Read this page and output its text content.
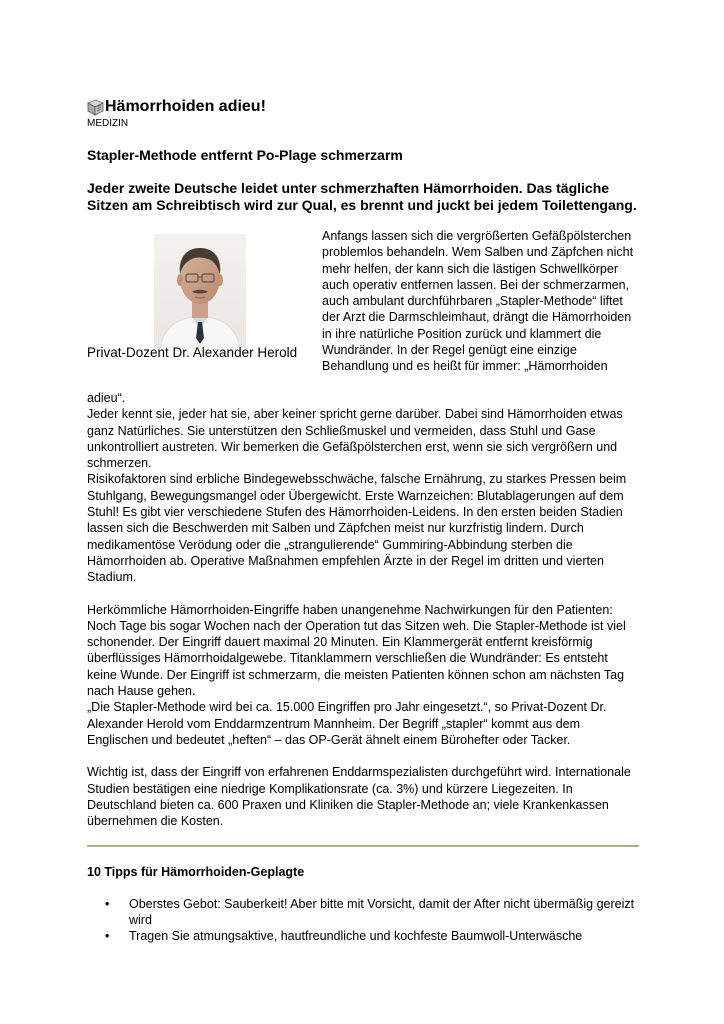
Hämorrhoiden adieu!
MEDIZIN
Stapler-Methode entfernt Po-Plage schmerzarm
Jeder zweite Deutsche leidet unter schmerzhaften Hämorrhoiden. Das tägliche Sitzen am Schreibtisch wird zur Qual, es brennt und juckt bei jedem Toilettengang.
Privat-Dozent Dr. Alexander Herold
Anfangs lassen sich die vergrößerten Gefäßpölsterchen problemlos behandeln. Wem Salben und Zäpfchen nicht mehr helfen, der kann sich die lästigen Schwellkörper auch operativ entfernen lassen. Bei der schmerzarmen, auch ambulant durchführbaren „Stapler-Methode“ liftet der Arzt die Darmschleimhaut, drängt die Hämorrhoiden in ihre natürliche Position zurück und klammert die Wundränder. In der Regel genügt eine einzige Behandlung und es heißt für immer: „Hämorrhoiden
adieu“.

Jeder kennt sie, jeder hat sie, aber keiner spricht gerne darüber. Dabei sind Hämorrhoiden etwas ganz Natürliches. Sie unterstützen den Schließmuskel und vermeiden, dass Stuhl und Gase unkontrolliert austreten. Wir bemerken die Gefäßpölsterchen erst, wenn sie sich vergrößern und schmerzen.

Risikofaktoren sind erbliche Bindegewebsschwäche, falsche Ernährung, zu starkes Pressen beim Stuhlgang, Bewegungsmangel oder Übergewicht. Erste Warnzeichen: Blutablagerungen auf dem Stuhl! Es gibt vier verschiedene Stufen des Hämorrhoiden-Leidens. In den ersten beiden Stadien lassen sich die Beschwerden mit Salben und Zäpfchen meist nur kurzfristig lindern. Durch medikamentöse Verödung oder die „strangulierende“ Gummiring-Abbindung sterben die Hämorrhoiden ab. Operative Maßnahmen empfehlen Ärzte in der Regel im dritten und vierten Stadium.

Herkömmliche Hämorrhoiden-Eingriffe haben unangenehme Nachwirkungen für den Patienten: Noch Tage bis sogar Wochen nach der Operation tut das Sitzen weh. Die Stapler-Methode ist viel schonender. Der Eingriff dauert maximal 20 Minuten. Ein Klammergerät entfernt kreisförmig überflüssiges Hämorrhoidalgewebe. Titanklammern verschließen die Wundränder: Es entsteht keine Wunde. Der Eingriff ist schmerzarm, die meisten Patienten können schon am nächsten Tag nach Hause gehen.

„Die Stapler-Methode wird bei ca. 15.000 Eingriffen pro Jahr eingesetzt.“, so Privat-Dozent Dr. Alexander Herold vom Enddarmzentrum Mannheim. Der Begriff „stapler“ kommt aus dem Englischen und bedeutet „heften“ – das OP-Gerät ähnelt einem Bürohefter oder Tacker.

Wichtig ist, dass der Eingriff von erfahrenen Enddarmspezialisten durchgeführt wird. Internationale Studien bestätigen eine niedrige Komplikationsrate (ca. 3%) und kürzere Liegezeiten. In Deutschland bieten ca. 600 Praxen und Kliniken die Stapler-Methode an; viele Krankenkassen übernehmen die Kosten.

10 Tipps für Hämorrhoiden-Geplagte
• Oberstes Gebot: Sauberkeit! Aber bitte mit Vorsicht, damit der After nicht übermäßig gereizt wird
• Tragen Sie atmungsaktive, hautfreundliche und kochfeste Baumwoll-Unterwäsche
